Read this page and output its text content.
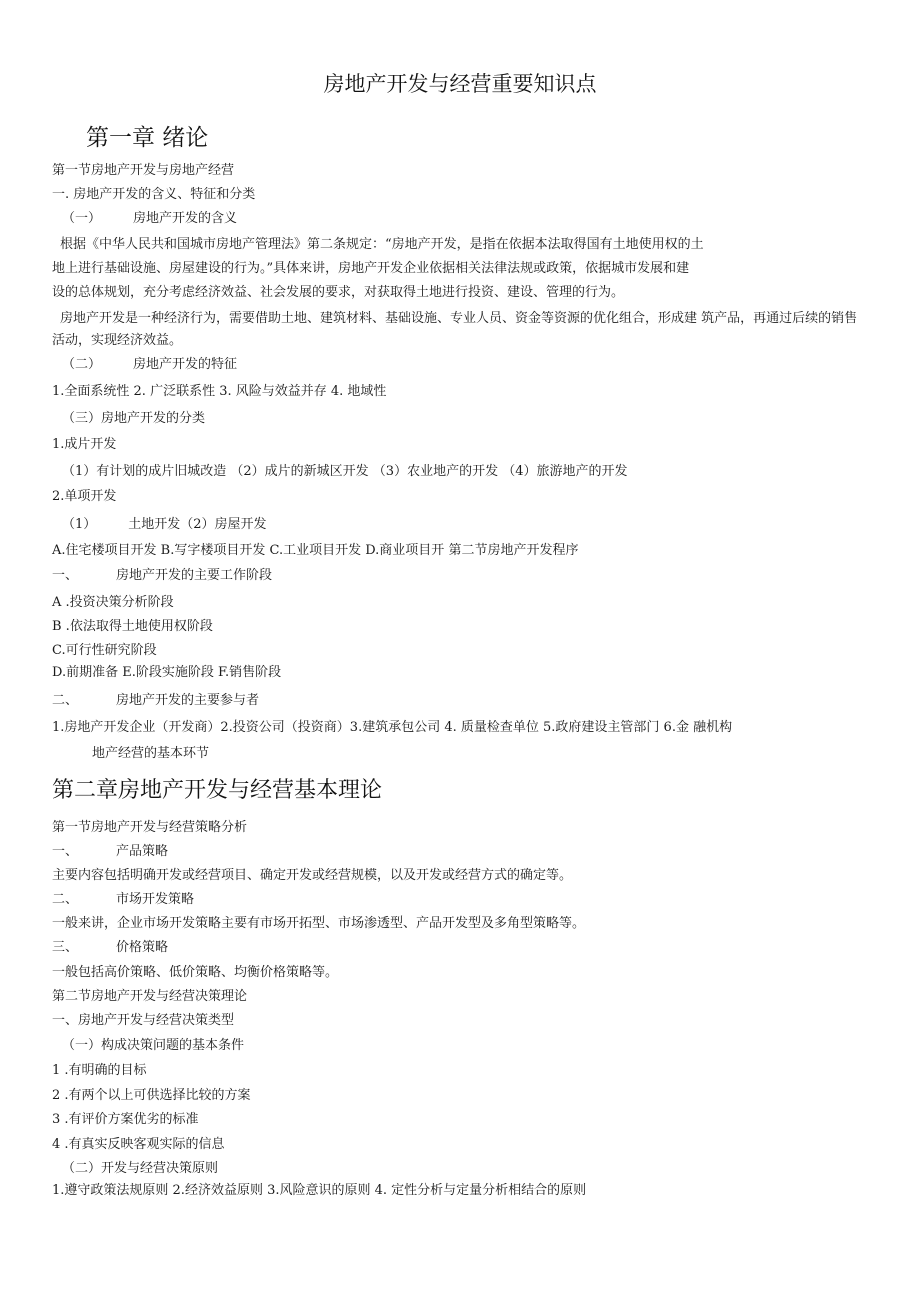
房地产开发与经营重要知识点
第一章 绪论

第一节房地产开发与房地产经营

一. 房地产开发的含义、特征和分类

（一） 房地产开发的含义

根据《中华人民共和国城市房地产管理法》第二条规定：“房地产开发，是指在依据本法取得国有土地使用权的土

地上进行基础设施、房屋建设的行为。”具体来讲，房地产开发企业依据相关法律法规或政策，依据城市发展和建

设的总体规划，充分考虑经济效益、社会发展的要求，对获取得土地进行投资、建设、管理的行为。

房地产开发是一种经济行为，需要借助土地、建筑材料、基础设施、专业人员、资金等资源的优化组合，形成建 筑产品，再通过后续的销售活动，实现经济效益。

（二） 房地产开发的特征

1.全面系统性 2. 广泛联系性 3. 风险与效益并存 4. 地域性

（三）房地产开发的分类

1.成片开发

（1）有计划的成片旧城改造 （2）成片的新城区开发 （3）农业地产的开发 （4）旅游地产的开发

2.单项开发

（1） 土地开发（2）房屋开发

A.住宅楼项目开发 B.写字楼项目开发 C.工业项目开发 D.商业项目开 第二节房地产开发程序

一、	房地产开发的主要工作阶段

A .投资决策分析阶段

B .依法取得土地使用权阶段

C.可行性研究阶段

D.前期准备 E.阶段实施阶段 F.销售阶段

二、	房地产开发的主要参与者

1.房地产开发企业（开发商）2.投资公司（投资商）3.建筑承包公司 4. 质量检查单位 5.政府建设主管部门 6.金 融机构

地产经营的基本环节

第二章房地产开发与经营基本理论

第一节房地产开发与经营策略分析

一、	产品策略

主要内容包括明确开发或经营项目、确定开发或经营规模，以及开发或经营方式的确定等。

二、	市场开发策略

一般来讲，企业市场开发策略主要有市场开拓型、市场渗透型、产品开发型及多角型策略等。

三、	价格策略

一般包括高价策略、低价策略、均衡价格策略等。

第二节房地产开发与经营决策理论

一、房地产开发与经营决策类型

（一）构成决策问题的基本条件

1 .有明确的目标

2 .有两个以上可供选择比较的方案

3 .有评价方案优劣的标准

4 .有真实反映客观实际的信息

（二）开发与经营决策原则

1.遵守政策法规原则 2.经济效益原则 3.风险意识的原则 4. 定性分析与定量分析相结合的原则
